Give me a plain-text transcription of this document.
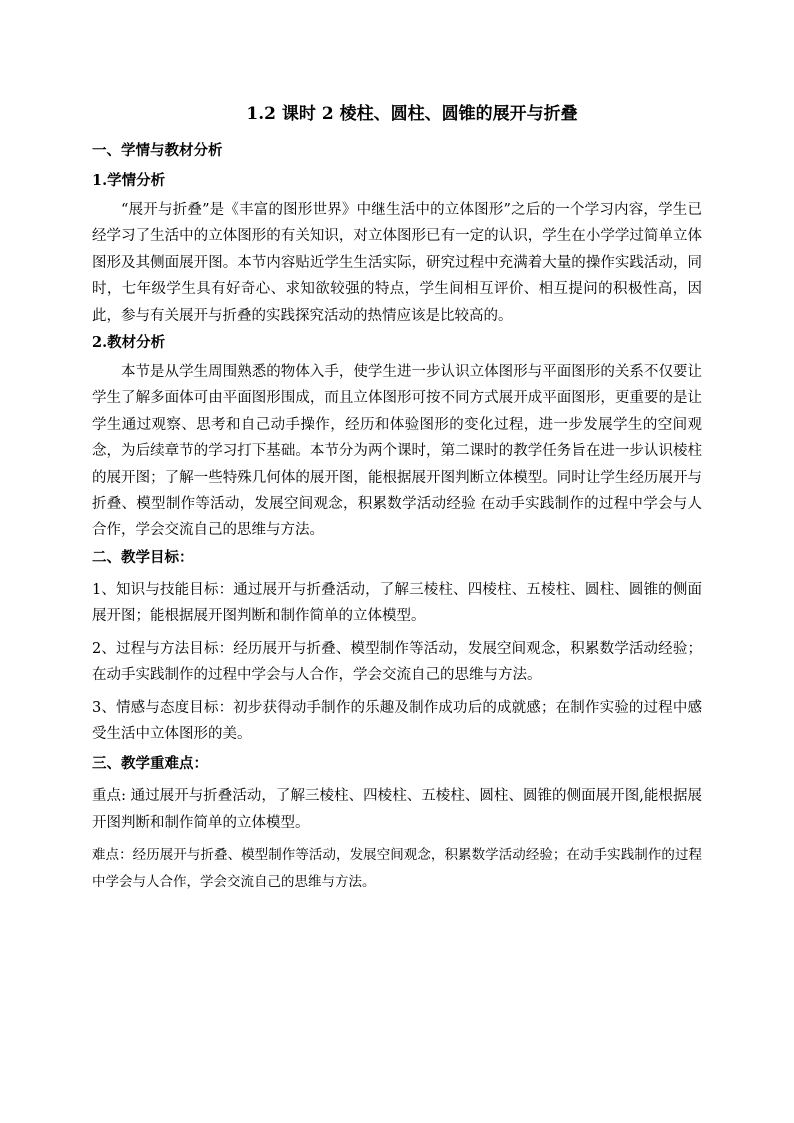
1.2 课时 2 棱柱、圆柱、圆锥的展开与折叠
一、学情与教材分析
1.学情分析
“展开与折叠”是《丰富的图形世界》中继生活中的立体图形”之后的一个学习内容，学生已经学习了生活中的立体图形的有关知识，对立体图形已有一定的认识，学生在小学学过简单立体图形及其侧面展开图。本节内容贴近学生生活实际，研究过程中充满着大量的操作实践活动，同时，七年级学生具有好奇心、求知欲较强的特点，学生间相互评价、相互提问的积极性高，因此，参与有关展开与折叠的实践探究活动的热情应该是比较高的。
2.教材分析
本节是从学生周围熟悉的物体入手，使学生进一步认识立体图形与平面图形的关系不仅要让学生了解多面体可由平面图形围成，而且立体图形可按不同方式展开成平面图形，更重要的是让学生通过观察、思考和自己动手操作，经历和体验图形的变化过程，进一步发展学生的空间观念，为后续章节的学习打下基础。本节分为两个课时，第二课时的教学任务旨在进一步认识棱柱的展开图；了解一些特殊几何体的展开图，能根据展开图判断立体模型。同时让学生经历展开与折叠、模型制作等活动，发展空间观念，积累数学活动经验 在动手实践制作的过程中学会与人合作，学会交流自己的思维与方法。
二、教学目标：
1、知识与技能目标：通过展开与折叠活动，了解三棱柱、四棱柱、五棱柱、圆柱、圆锥的侧面展开图；能根据展开图判断和制作简单的立体模型。
2、过程与方法目标：经历展开与折叠、模型制作等活动，发展空间观念，积累数学活动经验；在动手实践制作的过程中学会与人合作，学会交流自己的思维与方法。
3、情感与态度目标：初步获得动手制作的乐趣及制作成功后的成就感；在制作实验的过程中感受生活中立体图形的美。
三、教学重难点：
重点: 通过展开与折叠活动，了解三棱柱、四棱柱、五棱柱、圆柱、圆锥的侧面展开图,能根据展开图判断和制作简单的立体模型。
难点：经历展开与折叠、模型制作等活动，发展空间观念，积累数学活动经验；在动手实践制作的过程中学会与人合作，学会交流自己的思维与方法。
